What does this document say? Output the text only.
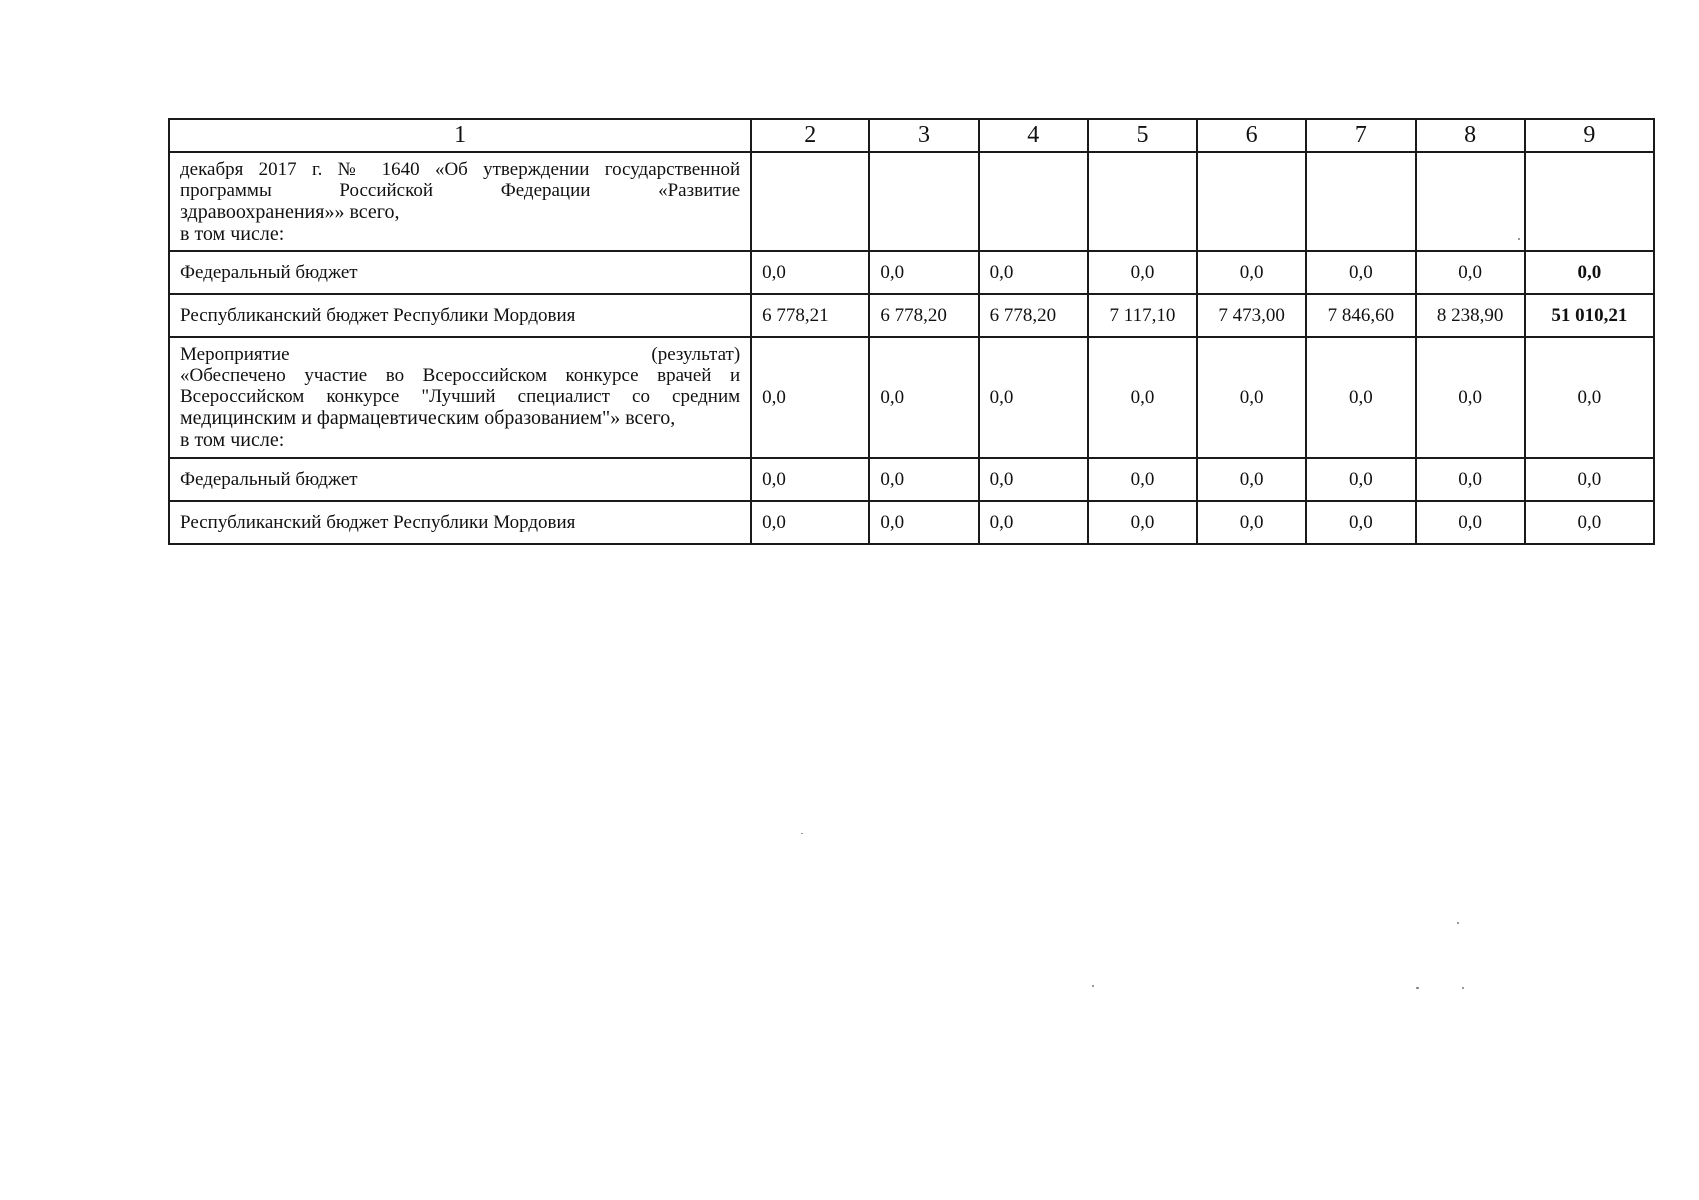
1	2	3	4	5	6	7	8	9

декабря 2017 г. № 1640 «Об утверждении государственной программы Российской Федерации «Развитие
здравоохранения»» всего,
в том числе:								

Федеральный бюджет	0,0	0,0	0,0	0,0	0,0	0,0	0,0	0,0
Республиканский бюджет Республики Мордовия	6 778,21	6 778,20	6 778,20	7 117,10	7 473,00	7 846,60	8 238,90	51 010,21

Мероприятие (результат)
«Обеспечено участие во Всероссийском конкурсе врачей и Всероссийском конкурсе "Лучший специалист со средним
медицинским и фармацевтическим образованием"» всего,
в том числе:	0,0	0,0	0,0	0,0	0,0	0,0	0,0	0,0
Федеральный бюджет	0,0	0,0	0,0	0,0	0,0	0,0	0,0	0,0
Республиканский бюджет Республики Мордовия	0,0	0,0	0,0	0,0	0,0	0,0	0,0	0,0
